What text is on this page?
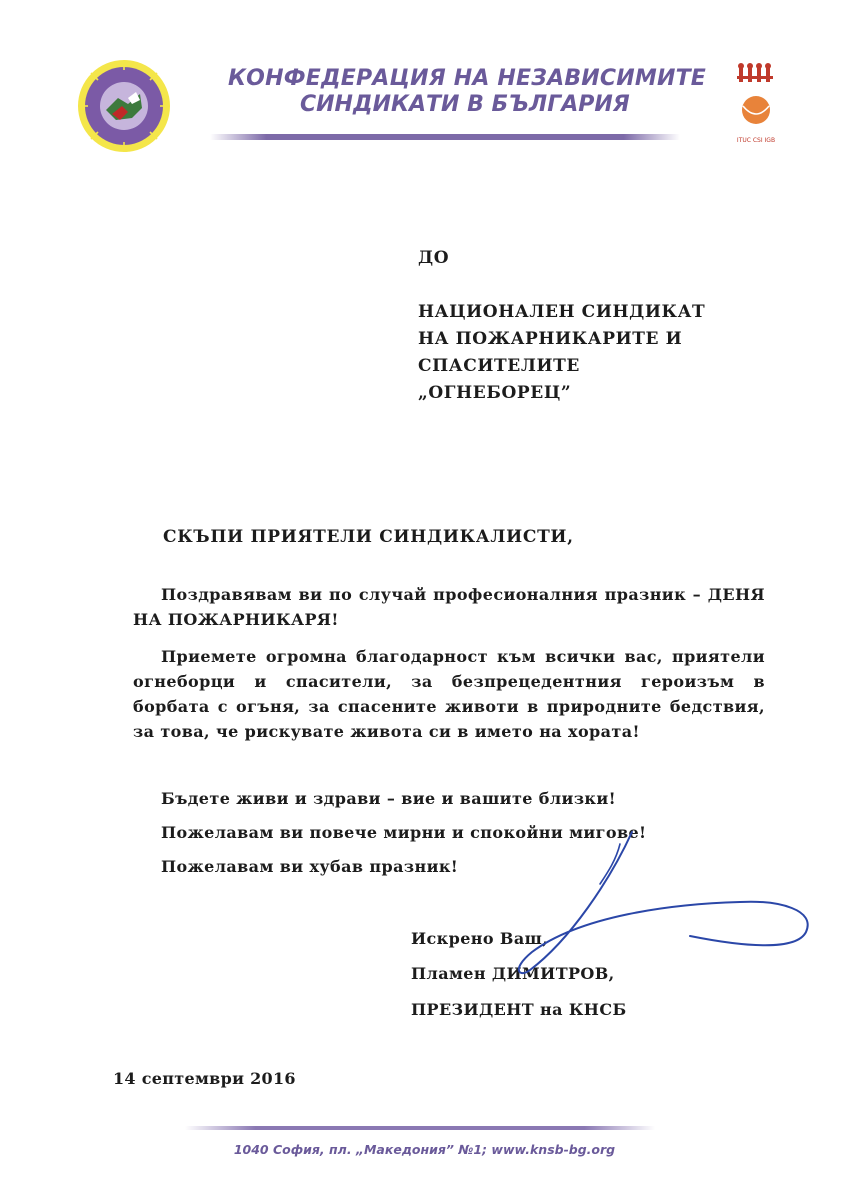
КОНФЕДЕРАЦИЯ НА НЕЗАВИСИМИТЕ
СИНДИКАТИ В БЪЛГАРИЯ
ITUC CSI IGB
ДО
НАЦИОНАЛЕН СИНДИКАТ
НА ПОЖАРНИКАРИТЕ И
СПАСИТЕЛИТЕ
„ОГНЕБОРЕЦ”
СКЪПИ ПРИЯТЕЛИ СИНДИКАЛИСТИ,
Поздравявам ви по случай професионалния празник – ДЕНЯ НА ПОЖАРНИКАРЯ!
Приемете огромна благодарност към всички вас, приятели огнеборци и спасители, за безпрецедентния героизъм в борбата с огъня, за спасените животи в природните бедствия, за това, че рискувате живота си в името на хората!
Бъдете живи и здрави – вие и вашите близки!
Пожелавам ви повече мирни и спокойни мигове!
Пожелавам ви хубав празник!
Искрено Ваш,
Пламен ДИМИТРОВ,
ПРЕЗИДЕНТ на КНСБ
14 септември 2016
1040 София, пл. „Македония” №1; www.knsb-bg.org
